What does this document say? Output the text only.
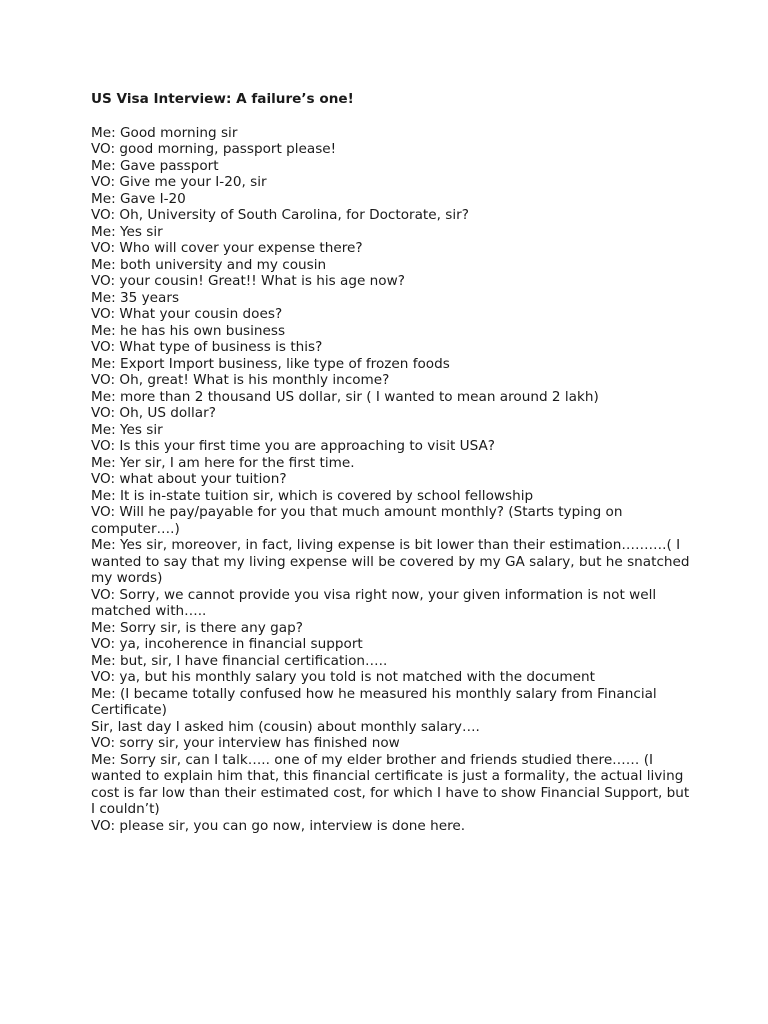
US Visa Interview: A failure’s one!

Me: Good morning sir

VO: good morning, passport please!

Me: Gave passport

VO: Give me your I-20, sir

Me: Gave I-20

VO: Oh, University of South Carolina, for Doctorate, sir?

Me: Yes sir

VO: Who will cover your expense there?

Me: both university and my cousin

VO: your cousin! Great!! What is his age now?

Me: 35 years

VO: What your cousin does?

Me: he has his own business

VO: What type of business is this?

Me: Export Import business, like type of frozen foods

VO: Oh, great! What is his monthly income?

Me: more than 2 thousand US dollar, sir ( I wanted to mean around 2 lakh)

VO: Oh, US dollar?

Me: Yes sir

VO: Is this your first time you are approaching to visit USA?

Me: Yer sir, I am here for the first time.

VO: what about your tuition?

Me: It is in-state tuition sir, which is covered by school fellowship

VO: Will he pay/payable for you that much amount monthly? (Starts typing on computer….)

Me: Yes sir, moreover, in fact, living expense is bit lower than their estimation……….( I wanted to say that my living expense will be covered by my GA salary, but he snatched my words)

VO: Sorry, we cannot provide you visa right now, your given information is not well matched with…..

Me: Sorry sir, is there any gap?

VO: ya, incoherence in financial support

Me: but, sir, I have financial certification…..

VO: ya, but his monthly salary you told is not matched with the document

Me: (I became totally confused how he measured his monthly salary from Financial Certificate)

Sir, last day I asked him (cousin) about monthly salary….

VO: sorry sir, your interview has finished now

Me: Sorry sir, can I talk….. one of my elder brother and friends studied there…… (I wanted to explain him that, this financial certificate is just a formality, the actual living cost is far low than their estimated cost, for which I have to show Financial Support, but I couldn’t)

VO: please sir, you can go now, interview is done here.
